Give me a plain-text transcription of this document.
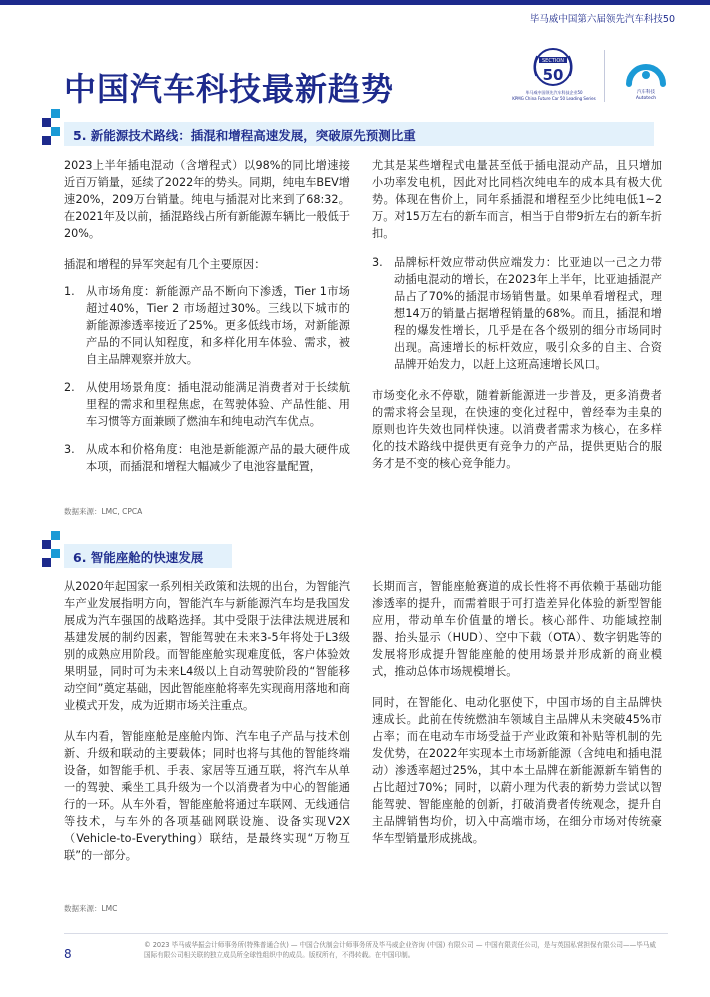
毕马威中国第六届领先汽车科技50
中国汽车科技最新趋势
SECTION
50
毕马威中国领先汽车科技企业50
KPMG China Future Car 50 Leading Series
汽车科技
Autotech
5. 新能源技术路线：插混和增程高速发展，突破原先预测比重

2023上半年插电混动（含增程式）以98%的同比增速接近百万销量，延续了2022年的势头。同期，纯电车BEV增速20%，209万台销量。纯电与插混对比来到了68:32。在2021年及以前，插混路线占所有新能源车辆比一般低于20%。

插混和增程的异军突起有几个主要原因：

1. 从市场角度：新能源产品不断向下渗透，Tier 1市场超过40%，Tier 2 市场超过30%。三线以下城市的新能源渗透率接近了25%。更多低线市场，对新能源产品的不同认知程度，和多样化用车体验、需求，被自主品牌观察并放大。
2. 从使用场景角度：插电混动能满足消费者对于长续航里程的需求和里程焦虑，在驾驶体验、产品性能、用车习惯等方面兼顾了燃油车和纯电动汽车优点。
3. 从成本和价格角度：电池是新能源产品的最大硬件成本项，而插混和增程大幅减少了电池容量配置，

尤其是某些增程式电量甚至低于插电混动产品，且只增加小功率发电机，因此对比同档次纯电车的成本具有极大优势。体现在售价上，同年系插混和增程至少比纯电低1~2万。对15万左右的新车而言，相当于自带9折左右的新车折扣。

3. 品牌标杆效应带动供应端发力：比亚迪以一己之力带动插电混动的增长，在2023年上半年，比亚迪插混产品占了70%的插混市场销售量。如果单看增程式，理想14万的销量占据增程销量的68%。而且，插混和增程的爆发性增长，几乎是在各个级别的细分市场同时出现。高速增长的标杆效应，吸引众多的自主、合资品牌开始发力，以赶上这班高速增长风口。

市场变化永不停歇，随着新能源进一步普及，更多消费者的需求将会呈现，在快速的变化过程中，曾经奉为圭臬的原则也许失效也同样快速。以消费者需求为核心，在多样化的技术路线中提供更有竞争力的产品，提供更贴合的服务才是不变的核心竞争能力。

数据来源：LMC, CPCA
6. 智能座舱的快速发展

从2020年起国家一系列相关政策和法规的出台，为智能汽车产业发展指明方向，智能汽车与新能源汽车均是我国发展成为汽车强国的战略选择。其中受限于法律法规进展和基建发展的制约因素，智能驾驶在未来3-5年将处于L3级别的成熟应用阶段。而智能座舱实现难度低，客户体验效果明显，同时可为未来L4级以上自动驾驶阶段的“智能移动空间”奠定基础，因此智能座舱将率先实现商用落地和商业模式开发，成为近期市场关注重点。

从车内看，智能座舱是座舱内饰、汽车电子产品与技术创新、升级和联动的主要载体；同时也将与其他的智能终端设备，如智能手机、手表、家居等互通互联，将汽车从单一的驾驶、乘坐工具升级为一个以消费者为中心的智能通行的一环。从车外看，智能座舱将通过车联网、无线通信等技术，与车外的各项基础网联设施、设备实现V2X（Vehicle-to-Everything）联结，是最终实现“万物互联”的一部分。

长期而言，智能座舱赛道的成长性将不再依赖于基础功能渗透率的提升，而需着眼于可打造差异化体验的新型智能应用，带动单车价值量的增长。核心部件、功能域控制器、抬头显示（HUD）、空中下载（OTA）、数字钥匙等的发展将形成提升智能座舱的使用场景并形成新的商业模式，推动总体市场规模增长。

同时，在智能化、电动化驱使下，中国市场的自主品牌快速成长。此前在传统燃油车领域自主品牌从未突破45%市占率；而在电动车市场受益于产业政策和补贴等机制的先发优势，在2022年实现本土市场新能源（含纯电和插电混动）渗透率超过25%，其中本土品牌在新能源新车销售的占比超过70%；同时，以蔚小理为代表的新势力尝试以智能驾驶、智能座舱的创新，打破消费者传统观念，提升自主品牌销售均价，切入中高端市场，在细分市场对传统豪华车型销量形成挑战。

数据来源：LMC
8
© 2023 毕马威华振会计师事务所(特殊普通合伙) — 中国合伙制会计师事务所及毕马威企业咨询 (中国) 有限公司 — 中国有限责任公司，是与英国私营担保有限公司——毕马威国际有限公司相关联的独立成员所全球性组织中的成员。版权所有，不得转载。在中国印制。
